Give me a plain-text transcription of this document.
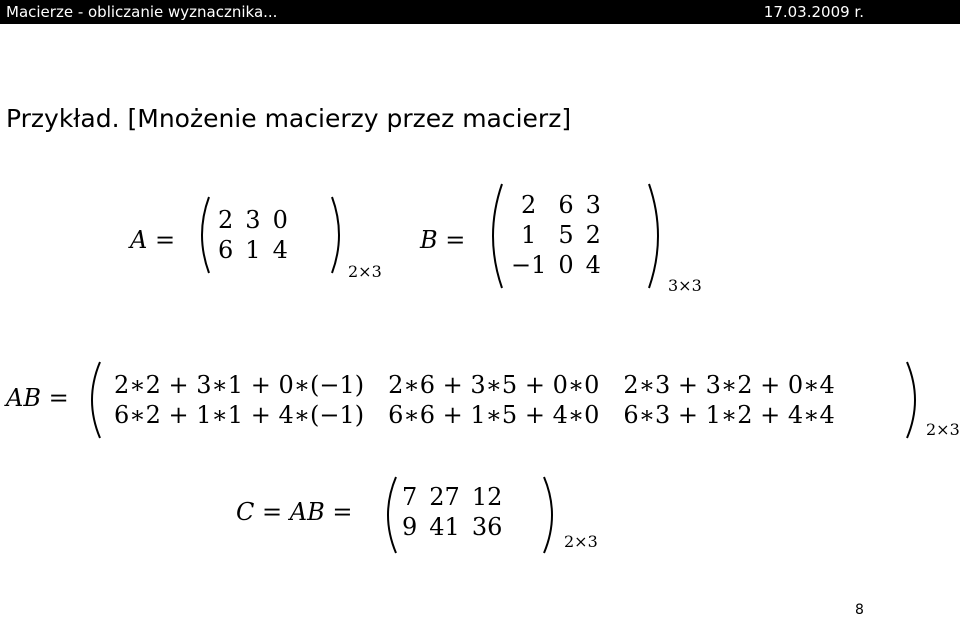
Macierze - obliczanie wyznacznika...	17.03.2009 r.
Przykład. [Mnożenie macierzy przez macierz]
A =
2	3	0
6	1	4
2×3
B =
2	6	3
1	5	2
−1	0	4
3×3
AB = 2∗2 + 3∗1 + 0∗(−1)	2∗6 + 3∗5 + 0∗0	2∗3 + 3∗2 + 0∗4
6∗2 + 1∗1 + 4∗(−1)	6∗6 + 1∗5 + 4∗0	6∗3 + 1∗2 + 4∗4
2×3
C = AB =
7	27	12
9	41	36
2×3
8
